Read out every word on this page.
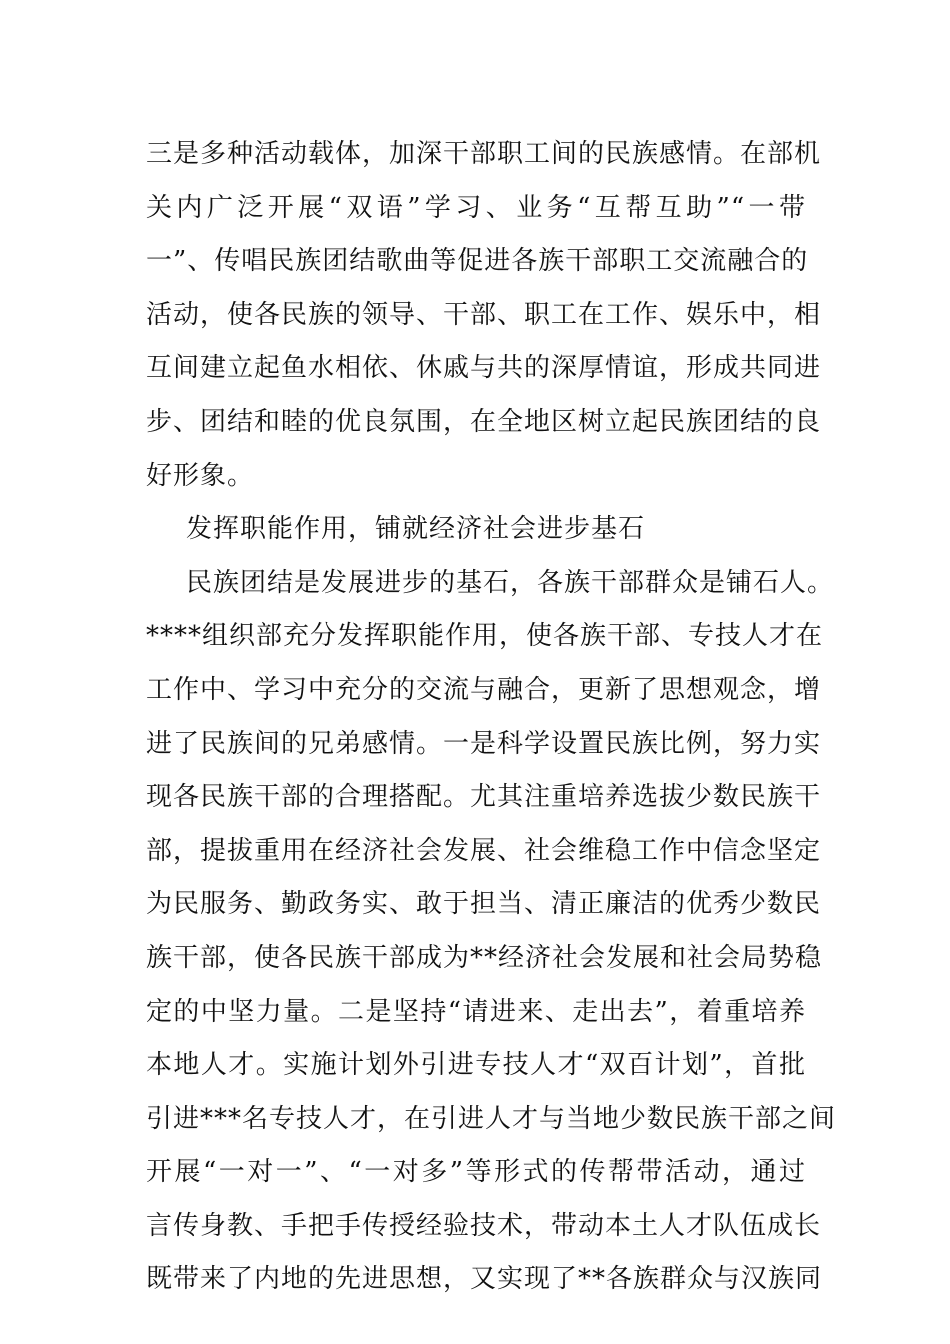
三是多种活动载体，加深干部职工间的民族感情。在部机
关内广泛开展“双语”学习、业务“互帮互助”“一带
一”、传唱民族团结歌曲等促进各族干部职工交流融合的
活动，使各民族的领导、干部、职工在工作、娱乐中，相
互间建立起鱼水相依、休戚与共的深厚情谊，形成共同进
步、团结和睦的优良氛围，在全地区树立起民族团结的良
好形象。
发挥职能作用，铺就经济社会进步基石
民族团结是发展进步的基石，各族干部群众是铺石人。
****组织部充分发挥职能作用，使各族干部、专技人才在
工作中、学习中充分的交流与融合，更新了思想观念，增
进了民族间的兄弟感情。一是科学设置民族比例，努力实
现各民族干部的合理搭配。尤其注重培养选拔少数民族干
部，提拔重用在经济社会发展、社会维稳工作中信念坚定
为民服务、勤政务实、敢于担当、清正廉洁的优秀少数民
族干部，使各民族干部成为**经济社会发展和社会局势稳
定的中坚力量。二是坚持“请进来、走出去”，着重培养
本地人才。实施计划外引进专技人才“双百计划”，首批
引进***名专技人才，在引进人才与当地少数民族干部之间
开展“一对一”、“一对多”等形式的传帮带活动，通过
言传身教、手把手传授经验技术，带动本土人才队伍成长
既带来了内地的先进思想，又实现了**各族群众与汉族同
